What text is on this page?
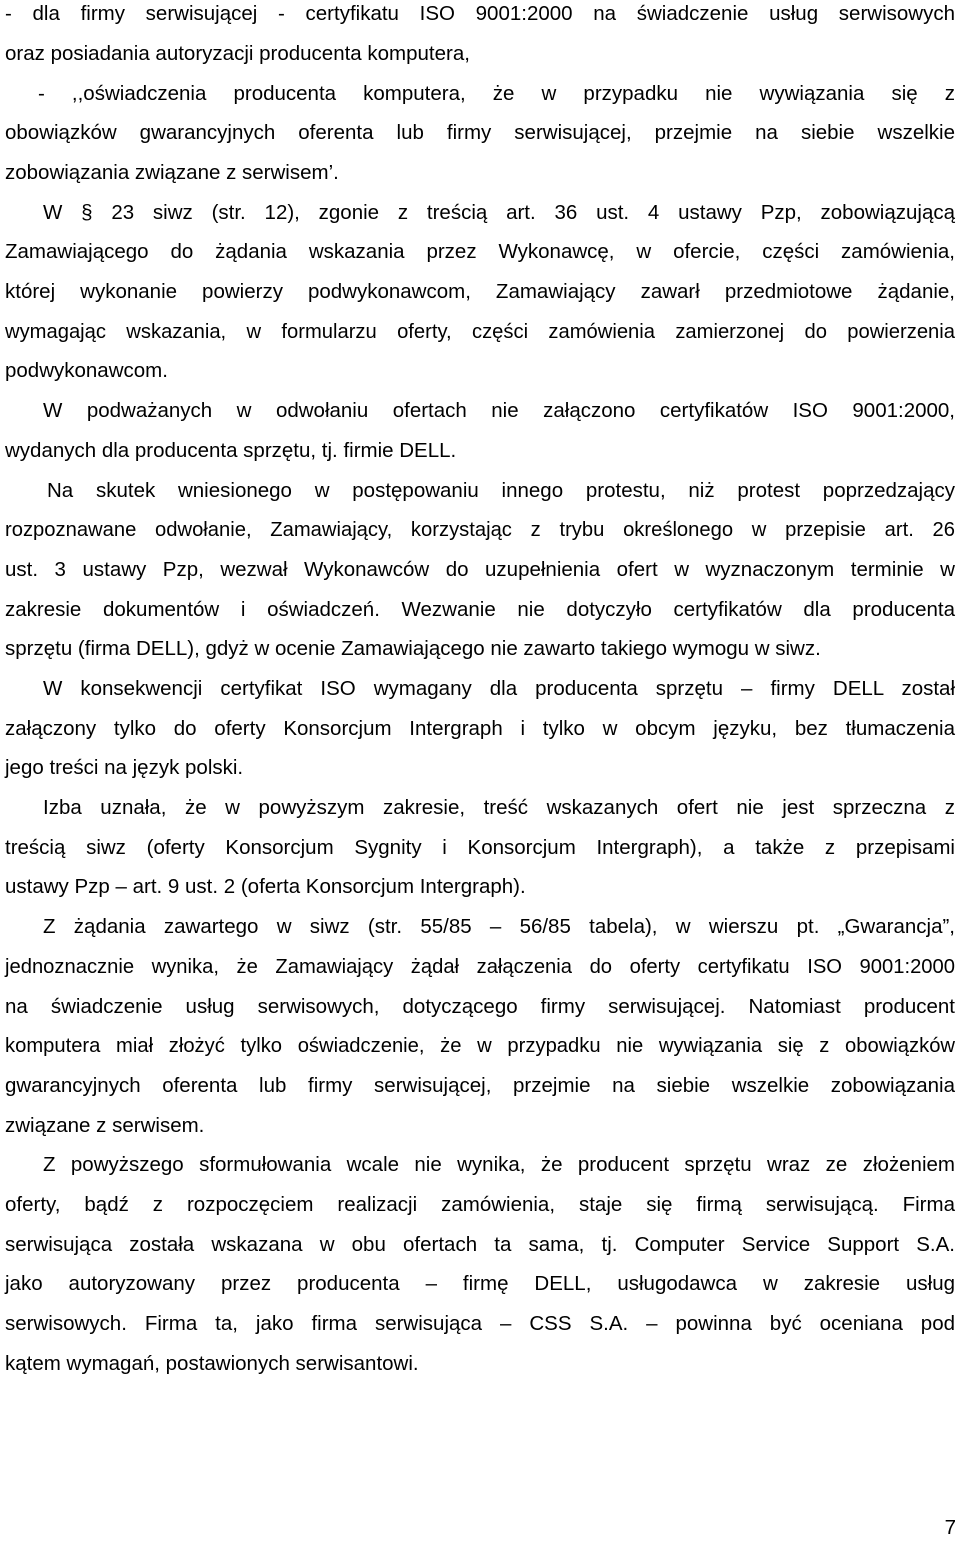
- dla firmy serwisującej - certyfikatu ISO 9001:2000 na świadczenie usług serwisowych
oraz posiadania autoryzacji producenta komputera,
- ,,oświadczenia producenta komputera, że w przypadku nie wywiązania się z
obowiązków gwarancyjnych oferenta lub firmy serwisującej, przejmie na siebie wszelkie
zobowiązania związane z serwisem’.
W § 23 siwz (str. 12), zgonie z treścią art. 36 ust. 4 ustawy Pzp, zobowiązującą
Zamawiającego do żądania wskazania przez Wykonawcę, w ofercie, części zamówienia,
której wykonanie powierzy podwykonawcom, Zamawiający zawarł przedmiotowe żądanie,
wymagając wskazania, w formularzu oferty, części zamówienia zamierzonej do powierzenia
podwykonawcom.
W podważanych w odwołaniu ofertach nie załączono certyfikatów ISO 9001:2000,
wydanych dla producenta sprzętu, tj. firmie DELL.
Na skutek wniesionego w postępowaniu innego protestu, niż protest poprzedzający
rozpoznawane odwołanie, Zamawiający, korzystając z trybu określonego w przepisie art. 26
ust. 3 ustawy Pzp, wezwał Wykonawców do uzupełnienia ofert w wyznaczonym terminie w
zakresie dokumentów i oświadczeń. Wezwanie nie dotyczyło certyfikatów dla producenta
sprzętu (firma DELL), gdyż w ocenie Zamawiającego nie zawarto takiego wymogu w siwz.
W konsekwencji certyfikat ISO wymagany dla producenta sprzętu – firmy DELL został
załączony tylko do oferty Konsorcjum Intergraph i tylko w obcym języku, bez tłumaczenia
jego treści na język polski.
Izba uznała, że w powyższym zakresie, treść wskazanych ofert nie jest sprzeczna z
treścią siwz (oferty Konsorcjum Sygnity i Konsorcjum Intergraph), a także z przepisami
ustawy Pzp – art. 9 ust. 2 (oferta Konsorcjum Intergraph).
Z żądania zawartego w siwz (str. 55/85 – 56/85 tabela), w wierszu pt. „Gwarancja”,
jednoznacznie wynika, że Zamawiający żądał załączenia do oferty certyfikatu ISO 9001:2000
na świadczenie usług serwisowych, dotyczącego firmy serwisującej. Natomiast producent
komputera miał złożyć tylko oświadczenie, że w przypadku nie wywiązania się z obowiązków
gwarancyjnych oferenta lub firmy serwisującej, przejmie na siebie wszelkie zobowiązania
związane z serwisem.
Z powyższego sformułowania wcale nie wynika, że producent sprzętu wraz ze złożeniem
oferty, bądź z rozpoczęciem realizacji zamówienia, staje się firmą serwisującą. Firma
serwisująca została wskazana w obu ofertach ta sama, tj. Computer Service Support S.A.
jako autoryzowany przez producenta – firmę DELL, usługodawca w zakresie usług
serwisowych. Firma ta, jako firma serwisująca – CSS S.A. – powinna być oceniana pod
kątem wymagań, postawionych serwisantowi.
7
